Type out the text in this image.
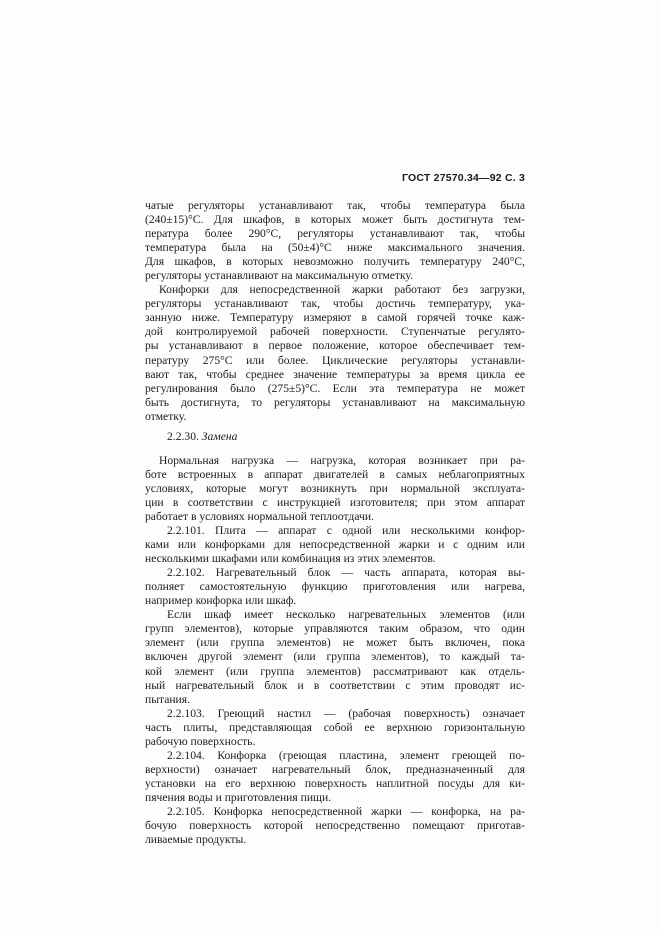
ГОСТ 27570.34—92 С. 3
чатые регуляторы устанавливают так, чтобы температура была
(240±15)°С. Для шкафов, в которых может быть достигнута тем-
пература более 290°С, регуляторы устанавливают так, чтобы
температура была на (50±4)°С ниже максимального значения.
Для шкафов, в которых невозможно получить температуру 240°С,
регуляторы устанавливают на максимальную отметку.
Конфорки для непосредственной жарки работают без загрузки,
регуляторы устанавливают так, чтобы достичь температуру, ука-
занную ниже. Температуру измеряют в самой горячей точке каж-
дой контролируемой рабочей поверхности. Ступенчатые регулято-
ры устанавливают в первое положение, которое обеспечивает тем-
пературу 275°С или более. Циклические регуляторы устанавли-
вают так, чтобы среднее значение температуры за время цикла ее
регулирования было (275±5)°С. Если эта температура не может
быть достигнута, то регуляторы устанавливают на максимальную
отметку.
2.2.30. Замена
Нормальная нагрузка — нагрузка, которая возникает при ра-
боте встроенных в аппарат двигателей в самых неблагоприятных
условиях, которые могут возникнуть при нормальной эксплуата-
ции в соответствии с инструкцией изготовителя; при этом аппарат
работает в условиях нормальной теплоотдачи.
2.2.101. Плита — аппарат с одной или несколькими конфор-
ками или конфорками для непосредственной жарки и с одним или
несколькими шкафами или комбинация из этих элементов.
2.2.102. Нагревательный блок — часть аппарата, которая вы-
полняет самостоятельную функцию приготовления или нагрева,
например конфорка или шкаф.
Если шкаф имеет несколько нагревательных элементов (или
групп элементов), которые управляются таким образом, что один
элемент (или группа элементов) не может быть включен, пока
включен другой элемент (или группа элементов), то каждый та-
кой элемент (или группа элементов) рассматривают как отдель-
ный нагревательный блок и в соответствии с этим проводят ис-
пытания.
2.2.103. Греющий настил — (рабочая поверхность) означает
часть плиты, представляющая собой ее верхнюю горизонтальную
рабочую поверхность.
2.2.104. Конфорка (греющая пластина, элемент греющей по-
верхности) означает нагревательный блок, предназначенный для
установки на его верхнюю поверхность наплитной посуды для ки-
пячения воды и приготовления пищи.
2.2.105. Конфорка непосредственной жарки — конфорка, на ра-
бочую поверхность которой непосредственно помещают приготав-
ливаемые продукты.
